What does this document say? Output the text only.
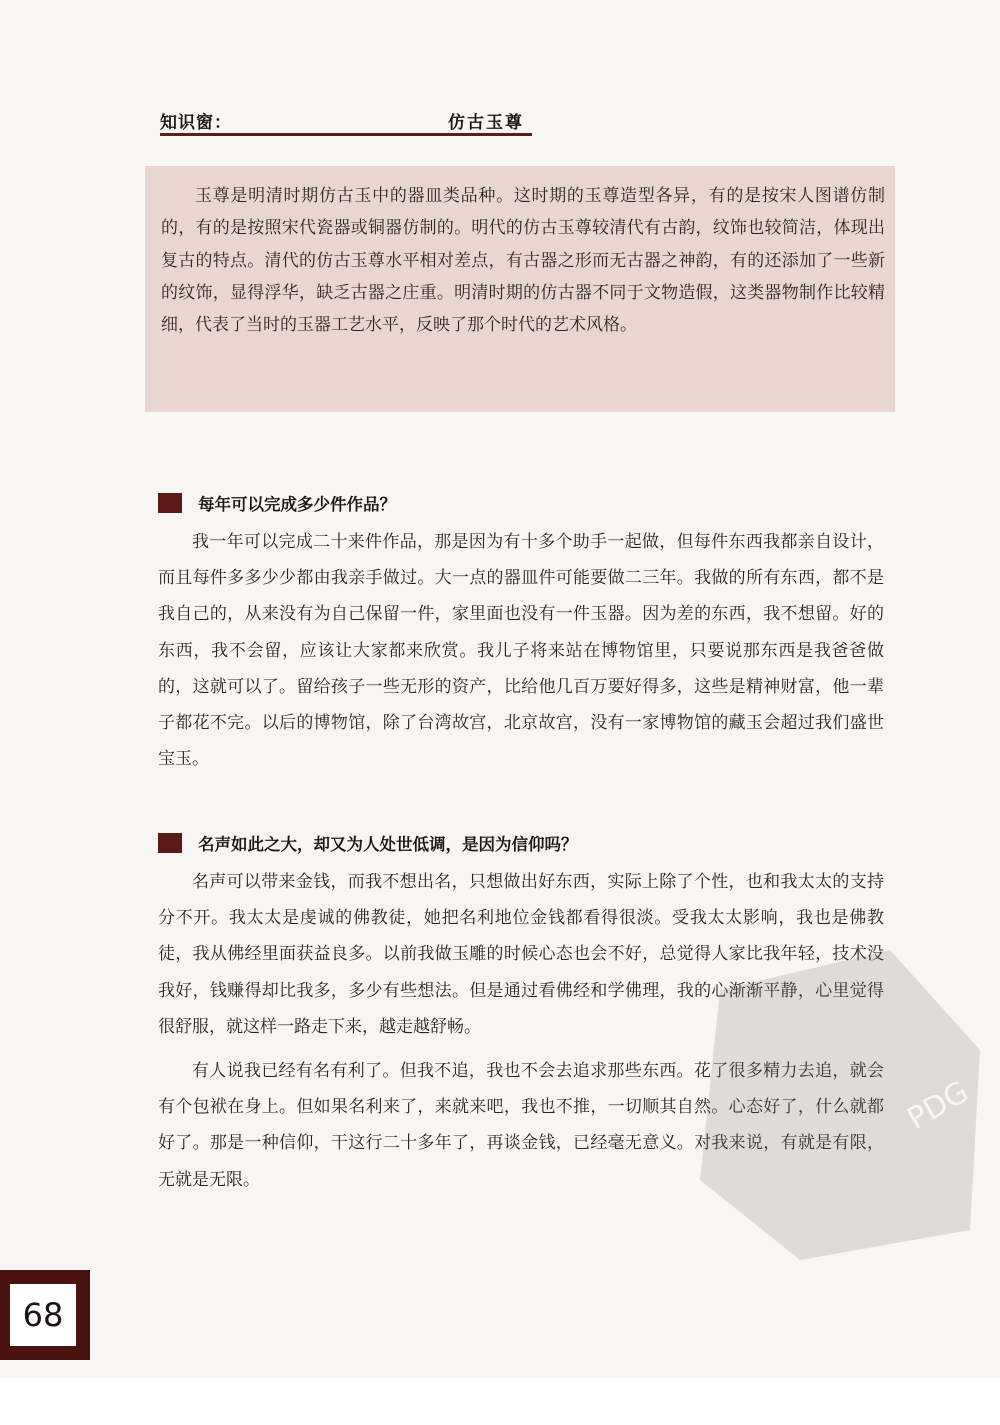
知识窗：	仿古玉尊

玉尊是明清时期仿古玉中的器皿类品种。这时期的玉尊造型各异，有的是按宋人图谱仿制的，有的是按照宋代瓷器或铜器仿制的。明代的仿古玉尊较清代有古韵，纹饰也较简洁，体现出复古的特点。清代的仿古玉尊水平相对差点，有古器之形而无古器之神韵，有的还添加了一些新的纹饰，显得浮华，缺乏古器之庄重。明清时期的仿古器不同于文物造假，这类器物制作比较精细，代表了当时的玉器工艺水平，反映了那个时代的艺术风格。

每年可以完成多少件作品？

我一年可以完成二十来件作品，那是因为有十多个助手一起做，但每件东西我都亲自设计，而且每件多多少少都由我亲手做过。大一点的器皿件可能要做二三年。我做的所有东西，都不是我自己的，从来没有为自己保留一件，家里面也没有一件玉器。因为差的东西，我不想留。好的东西，我不会留，应该让大家都来欣赏。我儿子将来站在博物馆里，只要说那东西是我爸爸做的，这就可以了。留给孩子一些无形的资产，比给他几百万要好得多，这些是精神财富，他一辈子都花不完。以后的博物馆，除了台湾故宫，北京故宫，没有一家博物馆的藏玉会超过我们盛世宝玉。

名声如此之大，却又为人处世低调，是因为信仰吗？

名声可以带来金钱，而我不想出名，只想做出好东西，实际上除了个性，也和我太太的支持分不开。我太太是虔诚的佛教徒，她把名利地位金钱都看得很淡。受我太太影响，我也是佛教徒，我从佛经里面获益良多。以前我做玉雕的时候心态也会不好，总觉得人家比我年轻，技术没我好，钱赚得却比我多，多少有些想法。但是通过看佛经和学佛理，我的心渐渐平静，心里觉得很舒服，就这样一路走下来，越走越舒畅。

有人说我已经有名有利了。但我不追，我也不会去追求那些东西。花了很多精力去追，就会有个包袱在身上。但如果名利来了，来就来吧，我也不推，一切顺其自然。心态好了，什么就都好了。那是一种信仰，干这行二十多年了，再谈金钱，已经毫无意义。对我来说，有就是有限，无就是无限。

68
